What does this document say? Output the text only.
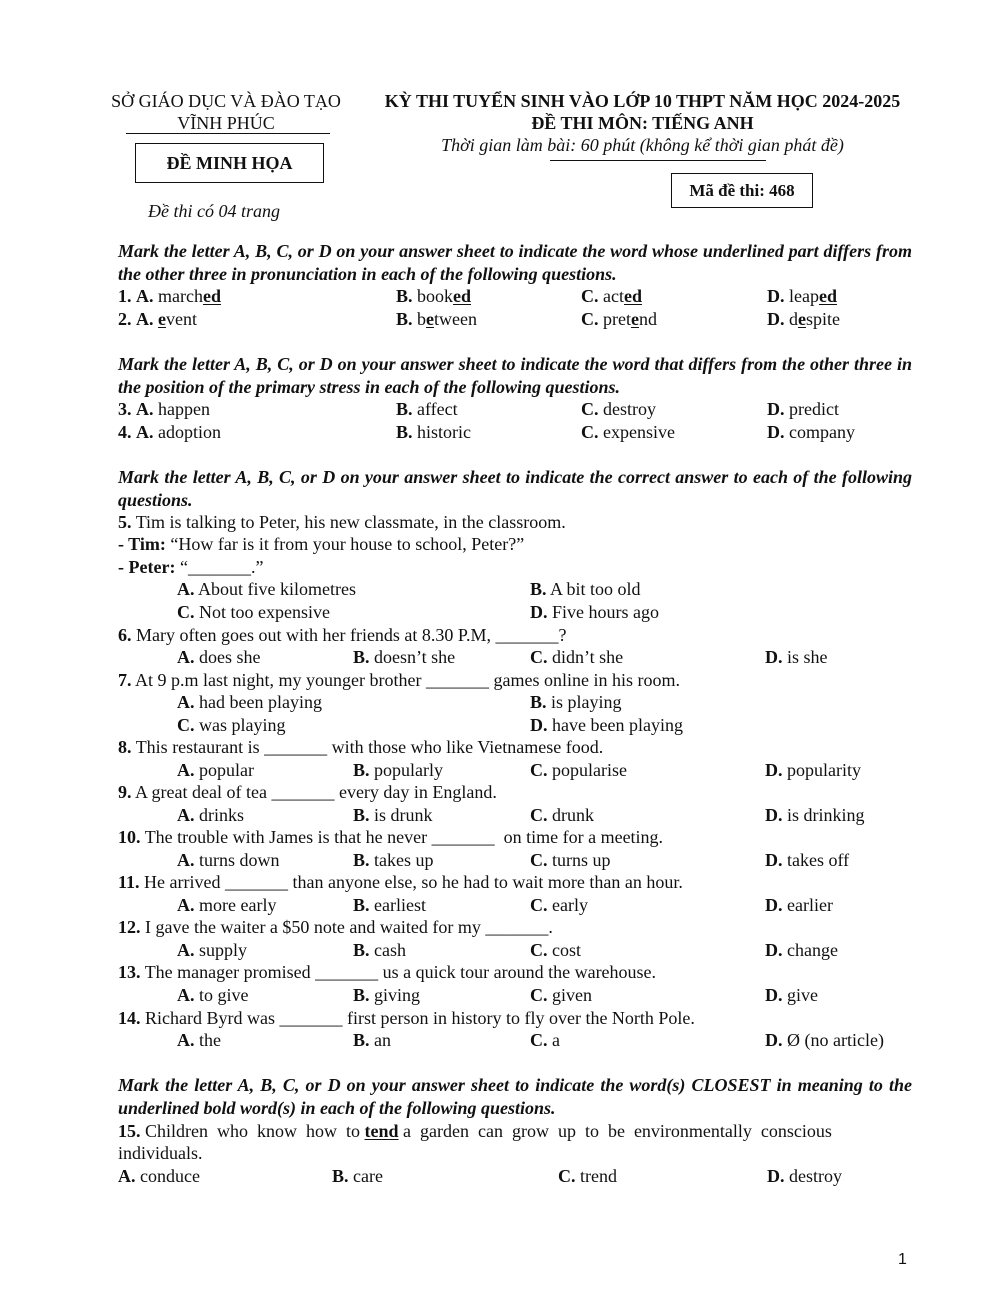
SỞ GIÁO DỤC VÀ ĐÀO TẠO
VĨNH PHÚC
ĐỀ MINH HỌA
Đề thi có 04 trang
KỲ THI TUYỂN SINH VÀO LỚP 10 THPT NĂM HỌC 2024-2025
ĐỀ THI MÔN: TIẾNG ANH
Thời gian làm bài: 60 phút (không kể thời gian phát đề)
Mã đề thi: 468
Mark the letter A, B, C, or D on your answer sheet to indicate the word whose underlined part differs from the other three in pronunciation in each of the following questions.
1. A. marched	B. booked	C. acted	D. leaped
2. A. event	B. between	C. pretend	D. despite
Mark the letter A, B, C, or D on your answer sheet to indicate the word that differs from the other three in the position of the primary stress in each of the following questions.
3. A. happen	B. affect	C. destroy	D. predict
4. A. adoption	B. historic	C. expensive	D. company
Mark the letter A, B, C, or D on your answer sheet to indicate the correct answer to each of the following questions.
5. Tim is talking to Peter, his new classmate, in the classroom.
- Tim: “How far is it from your house to school, Peter?”
- Peter: “_______.”
A. About five kilometres	B. A bit too old
C. Not too expensive	D. Five hours ago
6. Mary often goes out with her friends at 8.30 P.M, _______?
A. does she	B. doesn’t she	C. didn’t she	D. is she
7. At 9 p.m last night, my younger brother _______ games online in his room.
A. had been playing	B. is playing
C. was playing	D. have been playing
8. This restaurant is _______ with those who like Vietnamese food.
A. popular	B. popularly	C. popularise	D. popularity
9. A great deal of tea _______ every day in England.
A. drinks	B. is drunk	C. drunk	D. is drinking
10. The trouble with James is that he never _______  on time for a meeting.
A. turns down	B. takes up	C. turns up	D. takes off
11. He arrived _______ than anyone else, so he had to wait more than an hour.
A. more early	B. earliest	C. early	D. earlier
12. I gave the waiter a $50 note and waited for my _______.
A. supply	B. cash	C. cost	D. change
13. The manager promised _______ us a quick tour around the warehouse.
A. to give	B. giving	C. given	D. give
14. Richard Byrd was _______ first person in history to fly over the North Pole.
A. the	B. an	C. a	D. Ø (no article)
Mark the letter A, B, C, or D on your answer sheet to indicate the word(s) CLOSEST in meaning to the underlined bold word(s) in each of the following questions.
15. Children  who  know  how  to tend a  garden  can  grow  up  to  be  environmentally  conscious
individuals.
A. conduce	B. care	C. trend	D. destroy
1
